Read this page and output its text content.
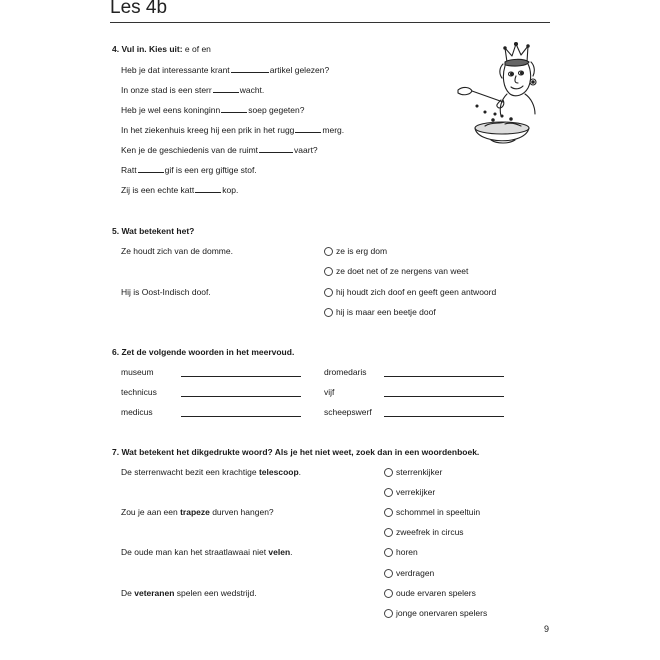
Les 4b
4. Vul in. Kies uit: e of en
Heb je dat interessante krant	artikel gelezen?
In onze stad is een sterr	wacht.
Heb je wel eens koninginn	soep gegeten?
In het ziekenhuis kreeg hij een prik in het rugg	merg.
Ken je de geschiedenis van de ruimt	vaart?
Ratt	gif is een erg giftige stof.
Zij is een echte katt	kop.
5. Wat betekent het?
Ze houdt zich van de domme.	ze is erg dom
ze doet net of ze nergens van weet
Hij is Oost-Indisch doof.	hij houdt zich doof en geeft geen antwoord
hij is maar een beetje doof
6. Zet de volgende woorden in het meervoud.
museum	dromedaris
technicus	vijf
medicus	scheepswerf
7. Wat betekent het dikgedrukte woord? Als je het niet weet, zoek dan in een woordenboek.
De sterrenwacht bezit een krachtige telescoop.	sterrenkijker
verrekijker
Zou je aan een trapeze durven hangen?	schommel in speeltuin
zweefrek in circus
De oude man kan het straatlawaai niet velen.	horen
verdragen
De veteranen spelen een wedstrijd.	oude ervaren spelers
jonge onervaren spelers
9
